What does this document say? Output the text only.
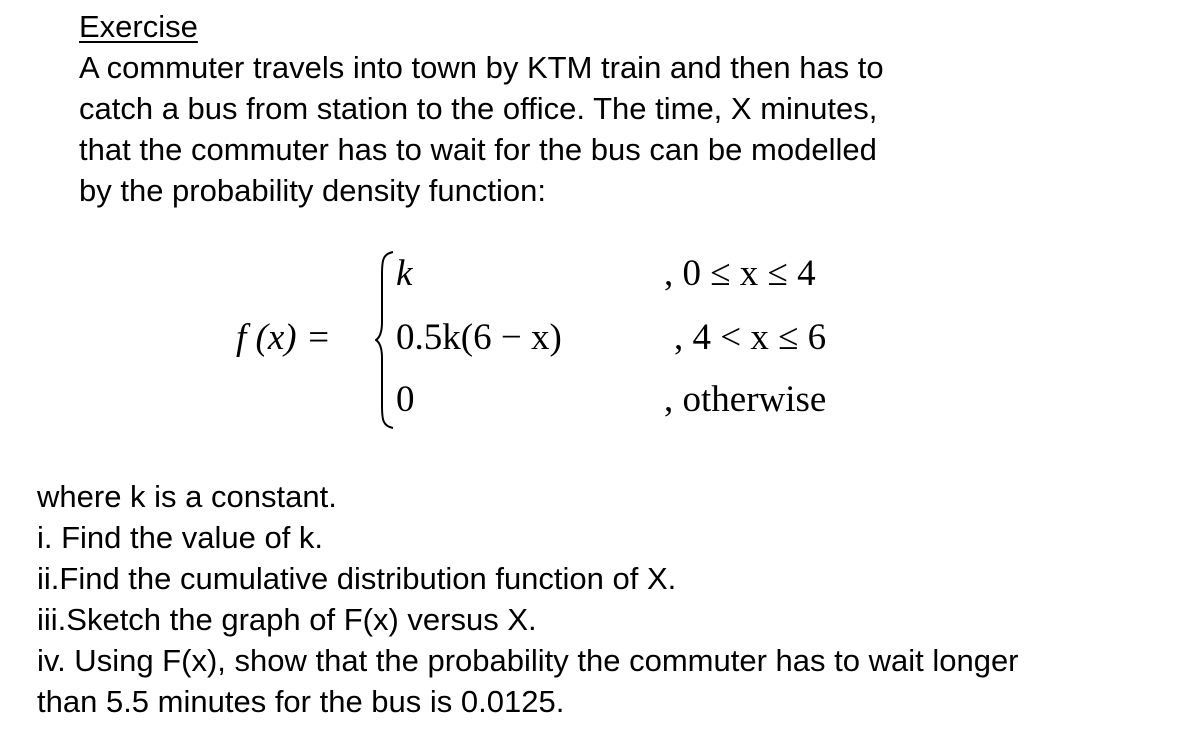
Exercise
A commuter travels into town by KTM train and then has to
catch a bus from station to the office. The time, X minutes,
that the commuter has to wait for the bus can be modelled
by the probability density function:
f (x) =
k
0.5k(6 − x)
0
, 0 ≤ x ≤ 4
, 4 < x ≤ 6
, otherwise
where k is a constant.
i. Find the value of k.
ii.Find the cumulative distribution function of X.
iii.Sketch the graph of F(x) versus X.
iv. Using F(x), show that the probability the commuter has to wait longer
than 5.5 minutes for the bus is 0.0125.
